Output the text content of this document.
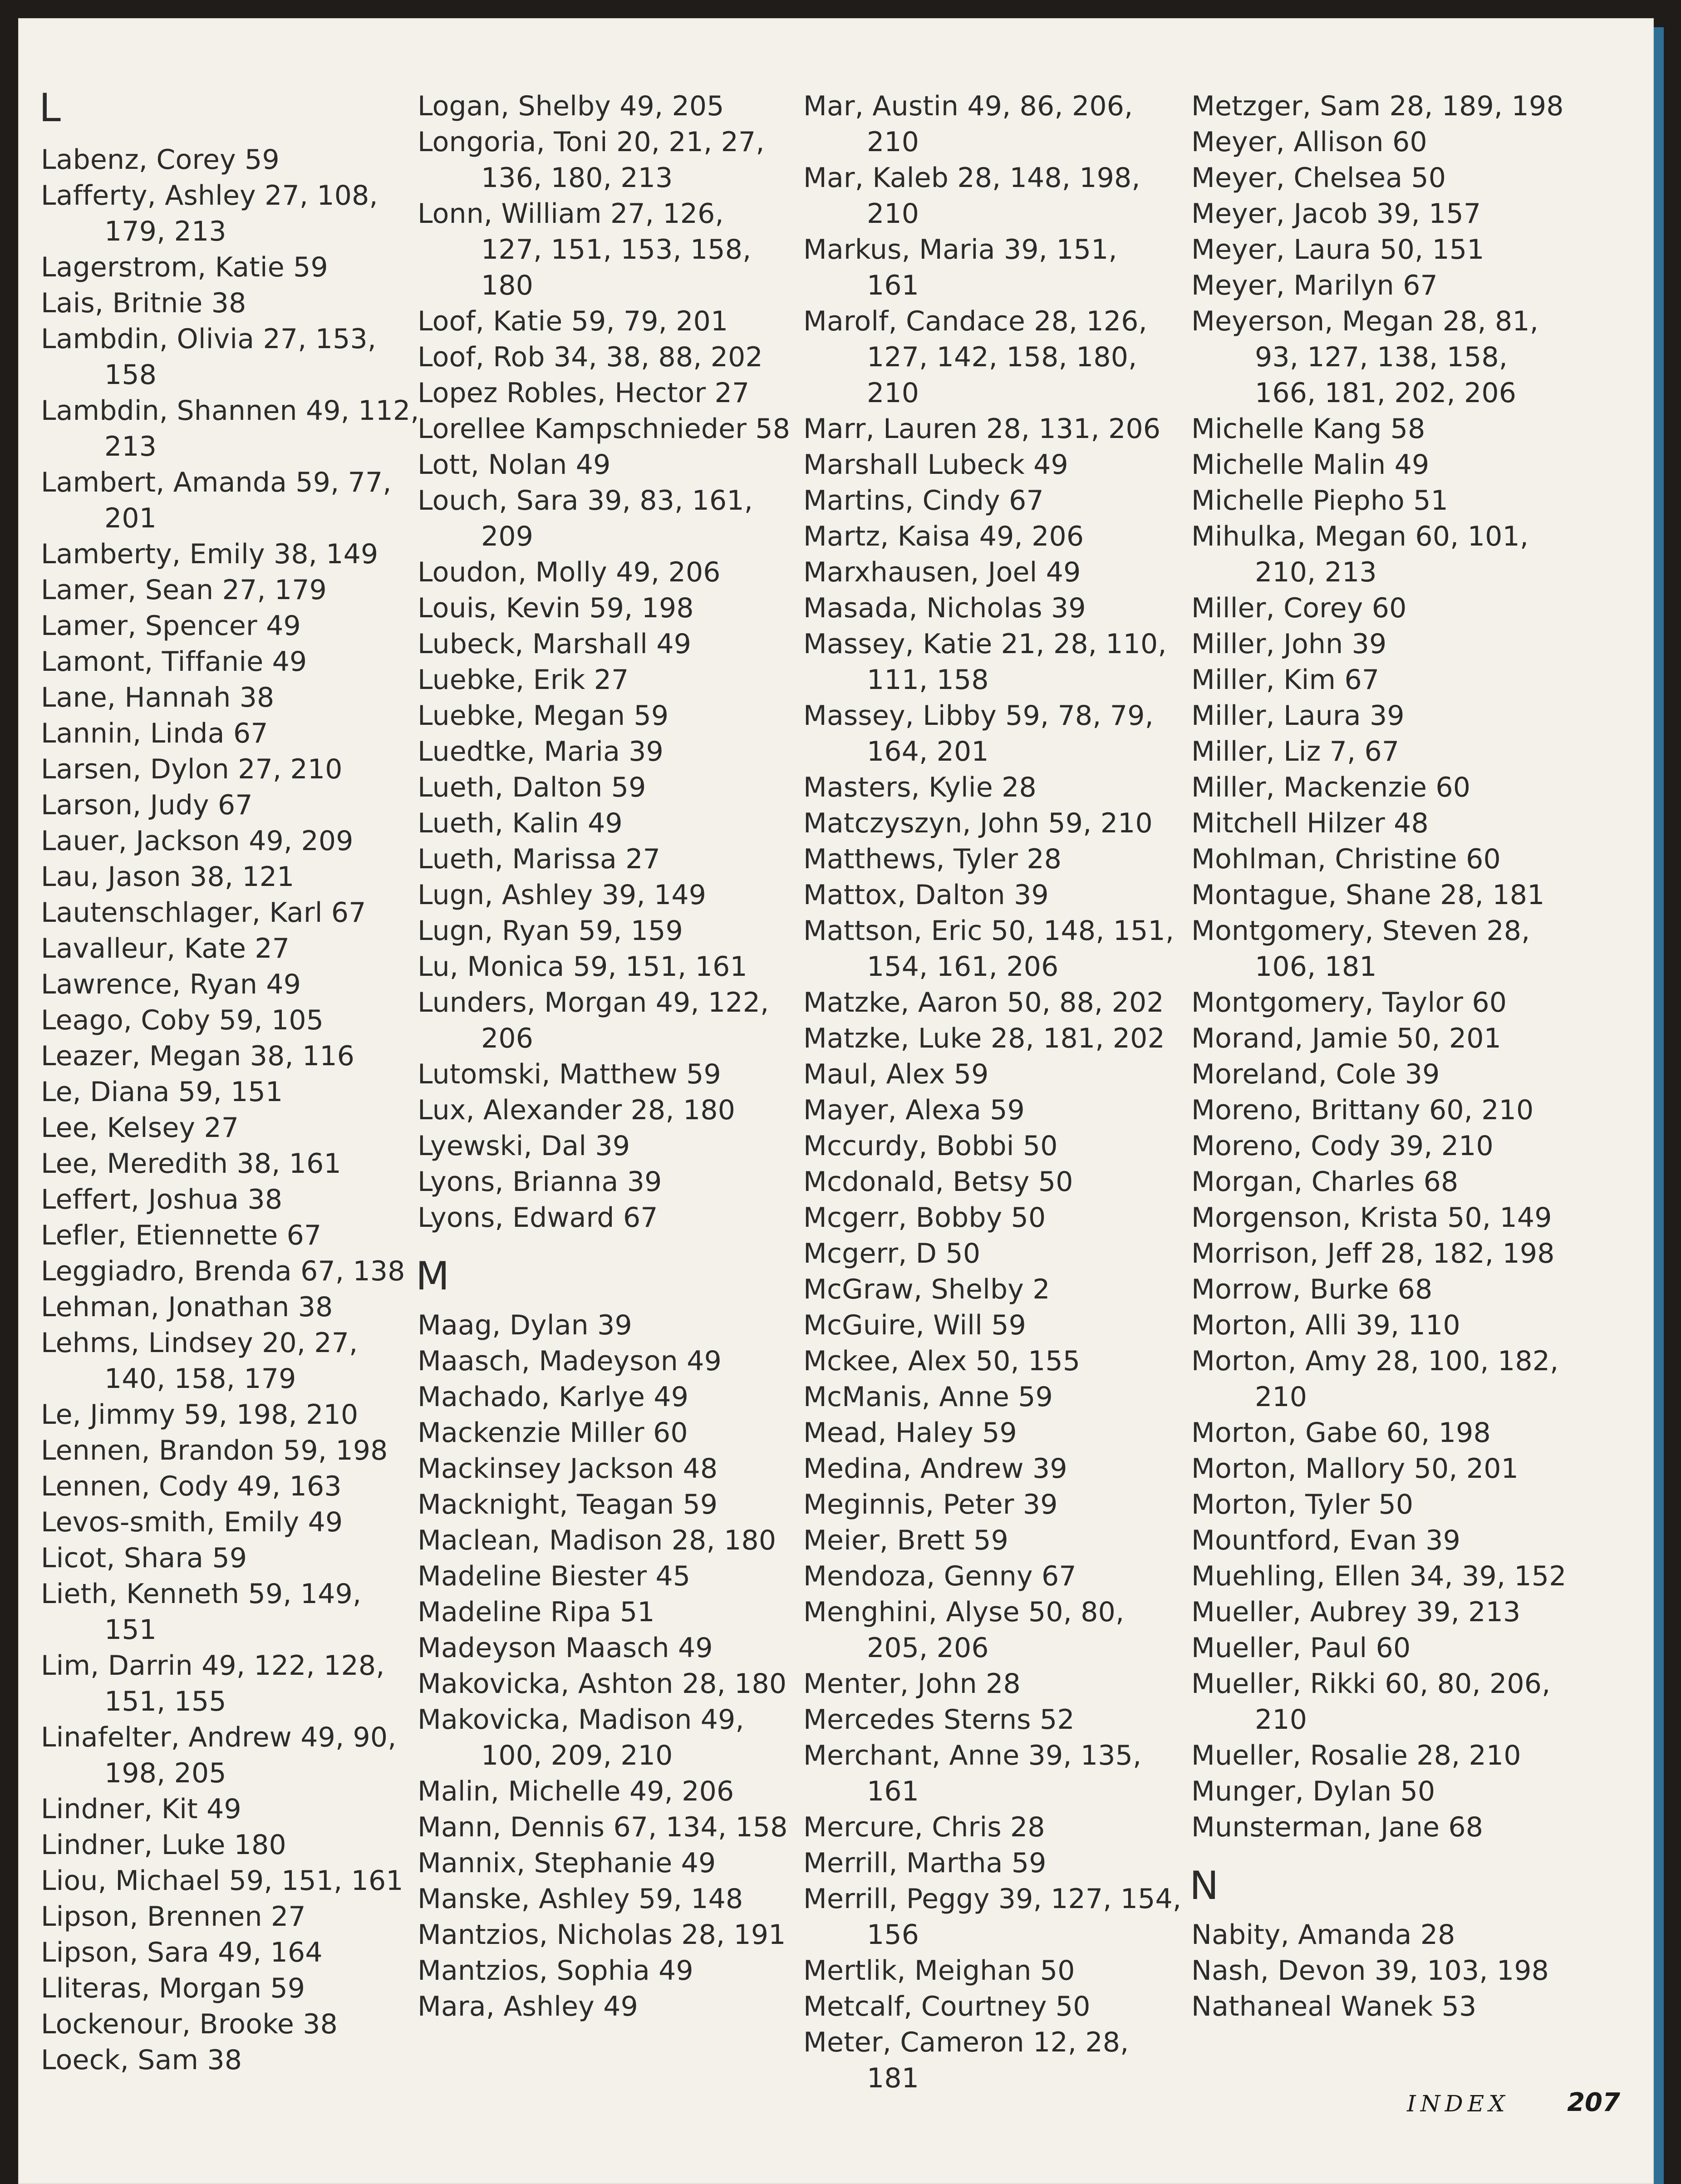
L
Labenz, Corey 59
Lafferty, Ashley 27, 108,
179, 213
Lagerstrom, Katie 59
Lais, Britnie 38
Lambdin, Olivia 27, 153,
158
Lambdin, Shannen 49, 112,
213
Lambert, Amanda 59, 77,
201
Lamberty, Emily 38, 149
Lamer, Sean 27, 179
Lamer, Spencer 49
Lamont, Tiffanie 49
Lane, Hannah 38
Lannin, Linda 67
Larsen, Dylon 27, 210
Larson, Judy 67
Lauer, Jackson 49, 209
Lau, Jason 38, 121
Lautenschlager, Karl 67
Lavalleur, Kate 27
Lawrence, Ryan 49
Leago, Coby 59, 105
Leazer, Megan 38, 116
Le, Diana 59, 151
Lee, Kelsey 27
Lee, Meredith 38, 161
Leffert, Joshua 38
Lefler, Etiennette 67
Leggiadro, Brenda 67, 138
Lehman, Jonathan 38
Lehms, Lindsey 20, 27,
140, 158, 179
Le, Jimmy 59, 198, 210
Lennen, Brandon 59, 198
Lennen, Cody 49, 163
Levos-smith, Emily 49
Licot, Shara 59
Lieth, Kenneth 59, 149,
151
Lim, Darrin 49, 122, 128,
151, 155
Linafelter, Andrew 49, 90,
198, 205
Lindner, Kit 49
Lindner, Luke 180
Liou, Michael 59, 151, 161
Lipson, Brennen 27
Lipson, Sara 49, 164
Lliteras, Morgan 59
Lockenour, Brooke 38
Loeck, Sam 38
Logan, Shelby 49, 205
Longoria, Toni 20, 21, 27,
136, 180, 213
Lonn, William 27, 126,
127, 151, 153, 158,
180
Loof, Katie 59, 79, 201
Loof, Rob 34, 38, 88, 202
Lopez Robles, Hector 27
Lorellee Kampschnieder 58
Lott, Nolan 49
Louch, Sara 39, 83, 161,
209
Loudon, Molly 49, 206
Louis, Kevin 59, 198
Lubeck, Marshall 49
Luebke, Erik 27
Luebke, Megan 59
Luedtke, Maria 39
Lueth, Dalton 59
Lueth, Kalin 49
Lueth, Marissa 27
Lugn, Ashley 39, 149
Lugn, Ryan 59, 159
Lu, Monica 59, 151, 161
Lunders, Morgan 49, 122,
206
Lutomski, Matthew 59
Lux, Alexander 28, 180
Lyewski, Dal 39
Lyons, Brianna 39
Lyons, Edward 67
M
Maag, Dylan 39
Maasch, Madeyson 49
Machado, Karlye 49
Mackenzie Miller 60
Mackinsey Jackson 48
Macknight, Teagan 59
Maclean, Madison 28, 180
Madeline Biester 45
Madeline Ripa 51
Madeyson Maasch 49
Makovicka, Ashton 28, 180
Makovicka, Madison 49,
100, 209, 210
Malin, Michelle 49, 206
Mann, Dennis 67, 134, 158
Mannix, Stephanie 49
Manske, Ashley 59, 148
Mantzios, Nicholas 28, 191
Mantzios, Sophia 49
Mara, Ashley 49
Mar, Austin 49, 86, 206,
210
Mar, Kaleb 28, 148, 198,
210
Markus, Maria 39, 151,
161
Marolf, Candace 28, 126,
127, 142, 158, 180,
210
Marr, Lauren 28, 131, 206
Marshall Lubeck 49
Martins, Cindy 67
Martz, Kaisa 49, 206
Marxhausen, Joel 49
Masada, Nicholas 39
Massey, Katie 21, 28, 110,
111, 158
Massey, Libby 59, 78, 79,
164, 201
Masters, Kylie 28
Matczyszyn, John 59, 210
Matthews, Tyler 28
Mattox, Dalton 39
Mattson, Eric 50, 148, 151,
154, 161, 206
Matzke, Aaron 50, 88, 202
Matzke, Luke 28, 181, 202
Maul, Alex 59
Mayer, Alexa 59
Mccurdy, Bobbi 50
Mcdonald, Betsy 50
Mcgerr, Bobby 50
Mcgerr, D 50
McGraw, Shelby 2
McGuire, Will 59
Mckee, Alex 50, 155
McManis, Anne 59
Mead, Haley 59
Medina, Andrew 39
Meginnis, Peter 39
Meier, Brett 59
Mendoza, Genny 67
Menghini, Alyse 50, 80,
205, 206
Menter, John 28
Mercedes Sterns 52
Merchant, Anne 39, 135,
161
Mercure, Chris 28
Merrill, Martha 59
Merrill, Peggy 39, 127, 154,
156
Mertlik, Meighan 50
Metcalf, Courtney 50
Meter, Cameron 12, 28,
181
Metzger, Sam 28, 189, 198
Meyer, Allison 60
Meyer, Chelsea 50
Meyer, Jacob 39, 157
Meyer, Laura 50, 151
Meyer, Marilyn 67
Meyerson, Megan 28, 81,
93, 127, 138, 158,
166, 181, 202, 206
Michelle Kang 58
Michelle Malin 49
Michelle Piepho 51
Mihulka, Megan 60, 101,
210, 213
Miller, Corey 60
Miller, John 39
Miller, Kim 67
Miller, Laura 39
Miller, Liz 7, 67
Miller, Mackenzie 60
Mitchell Hilzer 48
Mohlman, Christine 60
Montague, Shane 28, 181
Montgomery, Steven 28,
106, 181
Montgomery, Taylor 60
Morand, Jamie 50, 201
Moreland, Cole 39
Moreno, Brittany 60, 210
Moreno, Cody 39, 210
Morgan, Charles 68
Morgenson, Krista 50, 149
Morrison, Jeff 28, 182, 198
Morrow, Burke 68
Morton, Alli 39, 110
Morton, Amy 28, 100, 182,
210
Morton, Gabe 60, 198
Morton, Mallory 50, 201
Morton, Tyler 50
Mountford, Evan 39
Muehling, Ellen 34, 39, 152
Mueller, Aubrey 39, 213
Mueller, Paul 60
Mueller, Rikki 60, 80, 206,
210
Mueller, Rosalie 28, 210
Munger, Dylan 50
Munsterman, Jane 68
N
Nabity, Amanda 28
Nash, Devon 39, 103, 198
Nathaneal Wanek 53
INDEX 207
